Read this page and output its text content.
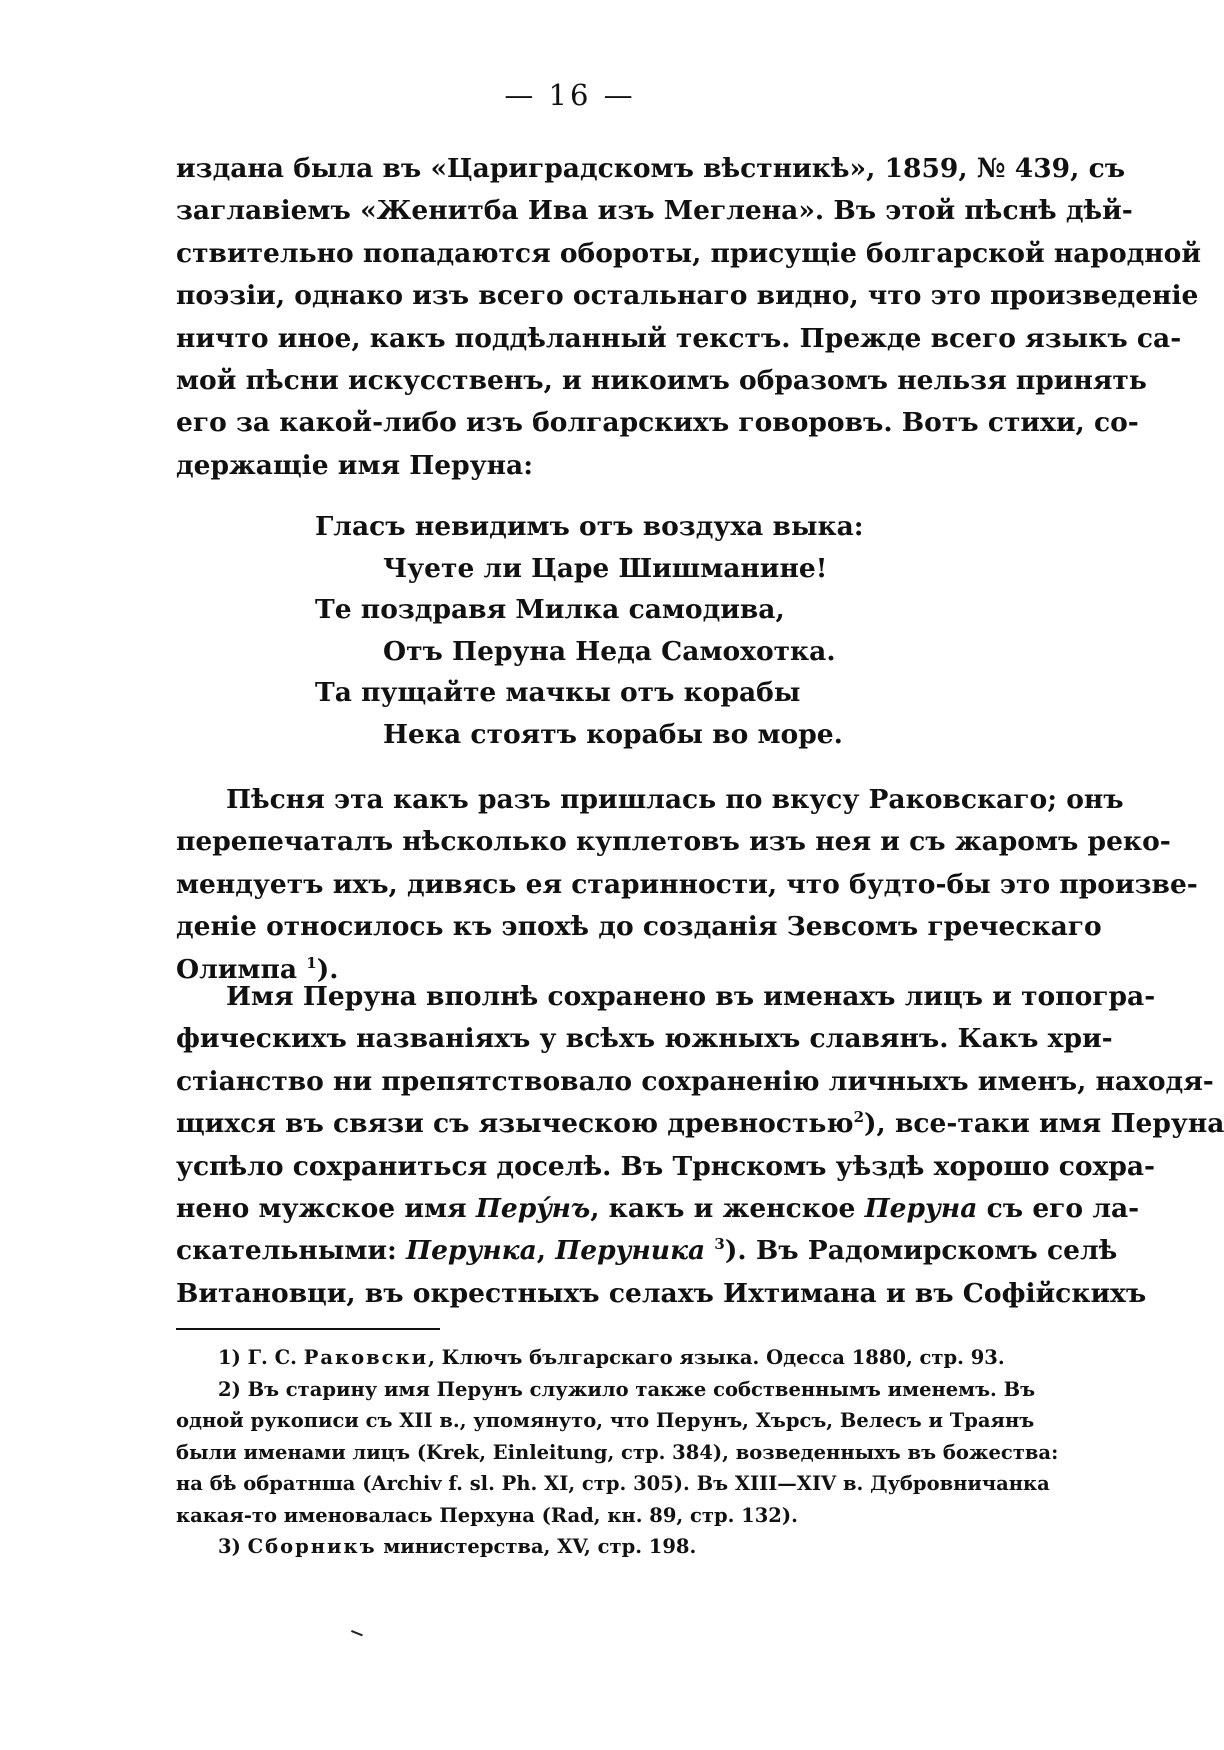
— 16 —
издана была въ «Цариградскомъ вѣстникѣ», 1859, № 439, съ
заглавіемъ «Женитба Ива изъ Меглена». Въ этой пѣснѣ дѣй-
ствительно попадаются обороты, присущіе болгарской народной
поэзіи, однако изъ всего остальнаго видно, что это произведеніе
ничто иное, какъ поддѣланный текстъ. Прежде всего языкъ са-
мой пѣсни искусственъ, и никоимъ образомъ нельзя принять
его за какой-либо изъ болгарскихъ говоровъ. Вотъ стихи, со-
держащіе имя Перуна:
Гласъ невидимъ отъ воздуха выка:
Чуете ли Царе Шишманине!
Те поздравя Милка самодива,
Отъ Перуна Неда Самохотка.
Та пущайте мачкы отъ корабы
Нека стоятъ корабы во море.
Пѣсня эта какъ разъ пришлась по вкусу Раковскаго; онъ
перепечаталъ нѣсколько куплетовъ изъ нея и съ жаромъ реко-
мендуетъ ихъ, дивясь ея старинности, что будто-бы это произве-
деніе относилось къ эпохѣ до созданія Зевсомъ греческаго
Олимпа $^1$).
Имя Перуна вполнѣ сохранено въ именахъ лицъ и топогра-
фическихъ названіяхъ у всѣхъ южныхъ славянъ. Какъ хри-
стіанство ни препятствовало сохраненію личныхъ именъ, находя-
щихся въ связи съ языческою древностью$^2$), все-таки имя Перуна
успѣло сохраниться доселѣ. Въ Трнскомъ уѣздѣ хорошо сохра-
нено мужское имя Перýнъ, какъ и женское Перуна съ его ла-
скательными: Перунка, Перуника $^3$). Въ Радомирскомъ селѣ
Витановци, въ окрестныхъ селахъ Ихтимана и въ Софійскихъ
1) Г. С. Раковски, Ключъ българскаго языка. Одесса 1880, стр. 93.
2) Въ старину имя Перунъ служило также собственнымъ именемъ. Въ
одной рукописи съ XII в., упомянуто, что Перунъ, Хърсъ, Велесъ и Траянъ
были именами лицъ (Krek, Einleitung, стр. 384), возведенныхъ въ божества:
на бѣ обратнша (Archiv f. sl. Ph. XI, стр. 305). Въ XIII—XIV в. Дубровничанка
какая-то именовалась Перхуна (Rad, кн. 89, стр. 132).
3) Сборникъ министерства, XV, стр. 198.
